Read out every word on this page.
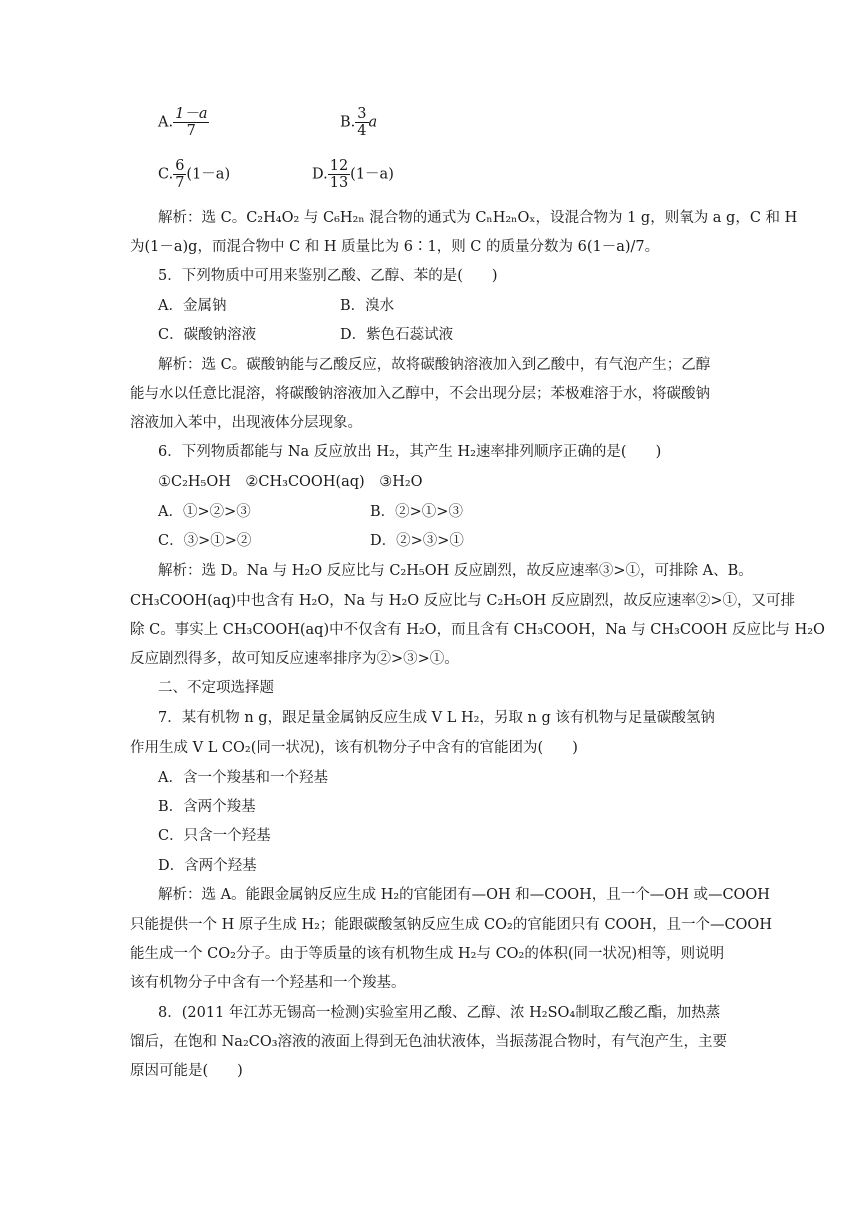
A. $\frac{1-a}{7}$	B. $\frac{3}{4}$ a
C. $\frac{6}{7} (1-a)$	D. $\frac{12}{13} (1-a)$
解析：选 C。C₂H₄O₂ 与 C₆H₂ₙ 混合物的通式为 CₙH₂ₙOₓ，设混合物为 1 g，则氧为 a g，C 和 H
为(1－a)g，而混合物中 C 和 H 质量比为 6∶1，则 C 的质量分数为 6(1－a)/7。
5．下列物质中可用来鉴别乙酸、乙醇、苯的是(　　)
A．金属钠	B．溴水
C．碳酸钠溶液	D．紫色石蕊试液
解析：选 C。碳酸钠能与乙酸反应，故将碳酸钠溶液加入到乙酸中，有气泡产生；乙醇
能与水以任意比混溶，将碳酸钠溶液加入乙醇中，不会出现分层；苯极难溶于水，将碳酸钠
溶液加入苯中，出现液体分层现象。
6．下列物质都能与 Na 反应放出 H₂，其产生 H₂速率排列顺序正确的是(　　)
①C₂H₅OH　②CH₃COOH(aq)　③H₂O
A．①>②>③	B．②>①>③
C．③>①>②	D．②>③>①
解析：选 D。Na 与 H₂O 反应比与 C₂H₅OH 反应剧烈，故反应速率③>①，可排除 A、B。
CH₃COOH(aq)中也含有 H₂O，Na 与 H₂O 反应比与 C₂H₅OH 反应剧烈，故反应速率②>①，又可排
除 C。事实上 CH₃COOH(aq)中不仅含有 H₂O，而且含有 CH₃COOH，Na 与 CH₃COOH 反应比与 H₂O
反应剧烈得多，故可知反应速率排序为②>③>①。
二、不定项选择题
7．某有机物 n g，跟足量金属钠反应生成 V L H₂，另取 n g 该有机物与足量碳酸氢钠
作用生成 V L CO₂(同一状况)，该有机物分子中含有的官能团为(　　)
A．含一个羧基和一个羟基
B．含两个羧基
C．只含一个羟基
D．含两个羟基
解析：选 A。能跟金属钠反应生成 H₂的官能团有—OH 和—COOH，且一个—OH 或—COOH
只能提供一个 H 原子生成 H₂；能跟碳酸氢钠反应生成 CO₂的官能团只有 COOH，且一个—COOH
能生成一个 CO₂分子。由于等质量的该有机物生成 H₂与 CO₂的体积(同一状况)相等，则说明
该有机物分子中含有一个羟基和一个羧基。
8．(2011 年江苏无锡高一检测)实验室用乙酸、乙醇、浓 H₂SO₄制取乙酸乙酯，加热蒸
馏后，在饱和 Na₂CO₃溶液的液面上得到无色油状液体，当振荡混合物时，有气泡产生，主要
原因可能是(　　)
